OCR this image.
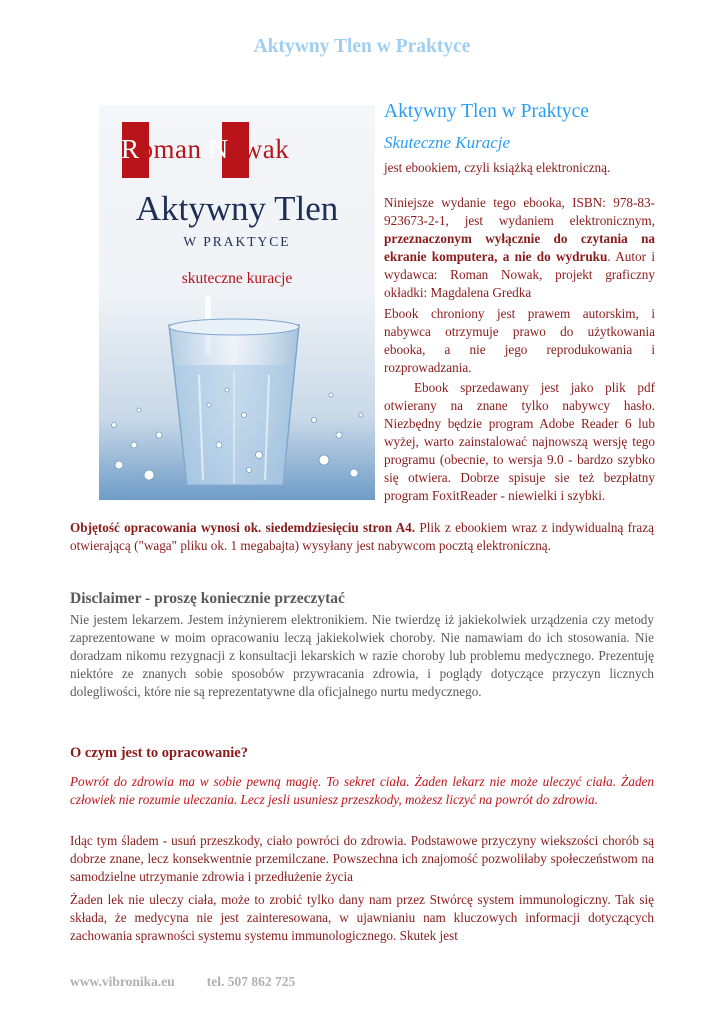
Aktywny Tlen w Praktyce
Roman Nowak
Aktywny Tlen
W PRAKTYCE
skuteczne kuracje
Aktywny Tlen w Praktyce
Skuteczne Kuracje

jest ebookiem, czyli książką elektroniczną.

Niniejsze wydanie tego ebooka, ISBN: 978-83-923673-2-1, jest wydaniem elektronicznym, przeznaczonym wyłącznie do czytania na ekranie komputera, a nie do wydruku. Autor i wydawca: Roman Nowak, projekt graficzny okładki: Magdalena Gredka

Ebook chroniony jest prawem autorskim, i nabywca otrzymuje prawo do użytkowania ebooka, a nie jego reprodukowania i rozprowadzania.

Ebook sprzedawany jest jako plik pdf otwierany na znane tylko nabywcy hasło. Niezbędny będzie program Adobe Reader 6 lub wyżej, warto zainstalować najnowszą wersję tego programu (obecnie, to wersja 9.0 - bardzo szybko się otwiera. Dobrze spisuje sie też bezpłatny program FoxitReader - niewielki i szybki.

Objętość opracowania wynosi ok. siedemdziesięciu stron A4. Plik z ebookiem wraz z indywidualną frazą otwierającą ("waga" pliku ok. 1 megabajta) wysyłany jest nabywcom pocztą elektroniczną.

Disclaimer - proszę koniecznie przeczytać

Nie jestem lekarzem. Jestem inżynierem elektronikiem. Nie twierdzę iż jakiekolwiek urządzenia czy metody zaprezentowane w moim opracowaniu leczą jakiekolwiek choroby. Nie namawiam do ich stosowania. Nie doradzam nikomu rezygnacji z konsultacji lekarskich w razie choroby lub problemu medycznego. Prezentuję niektóre ze znanych sobie sposobów przywracania zdrowia, i poglądy dotyczące przyczyn licznych dolegliwości, które nie są reprezentatywne dla oficjalnego nurtu medycznego.

O czym jest to opracowanie?

Powrót do zdrowia ma w sobie pewną magię. To sekret ciała. Żaden lekarz nie może uleczyć ciała. Żaden człowiek nie rozumie uleczania. Lecz jesli usuniesz przeszkody, możesz liczyć na powrót do zdrowia.

Idąc tym śladem - usuń przeszkody, ciało powróci do zdrowia. Podstawowe przyczyny wiekszości chorób są dobrze znane, lecz konsekwentnie przemilczane. Powszechna ich znajomość pozwoliłaby społeczeństwom na samodzielne utrzymanie zdrowia i przedłużenie życia

Żaden lek nie uleczy ciała, może to zrobić tylko dany nam przez Stwórcę system immunologiczny. Tak się składa, że medycyna nie jest zainteresowana, w ujawnianiu nam kluczowych informacji dotyczących zachowania sprawności systemu systemu immunologicznego. Skutek jest

www.vibronika.eu tel. 507 862 725
